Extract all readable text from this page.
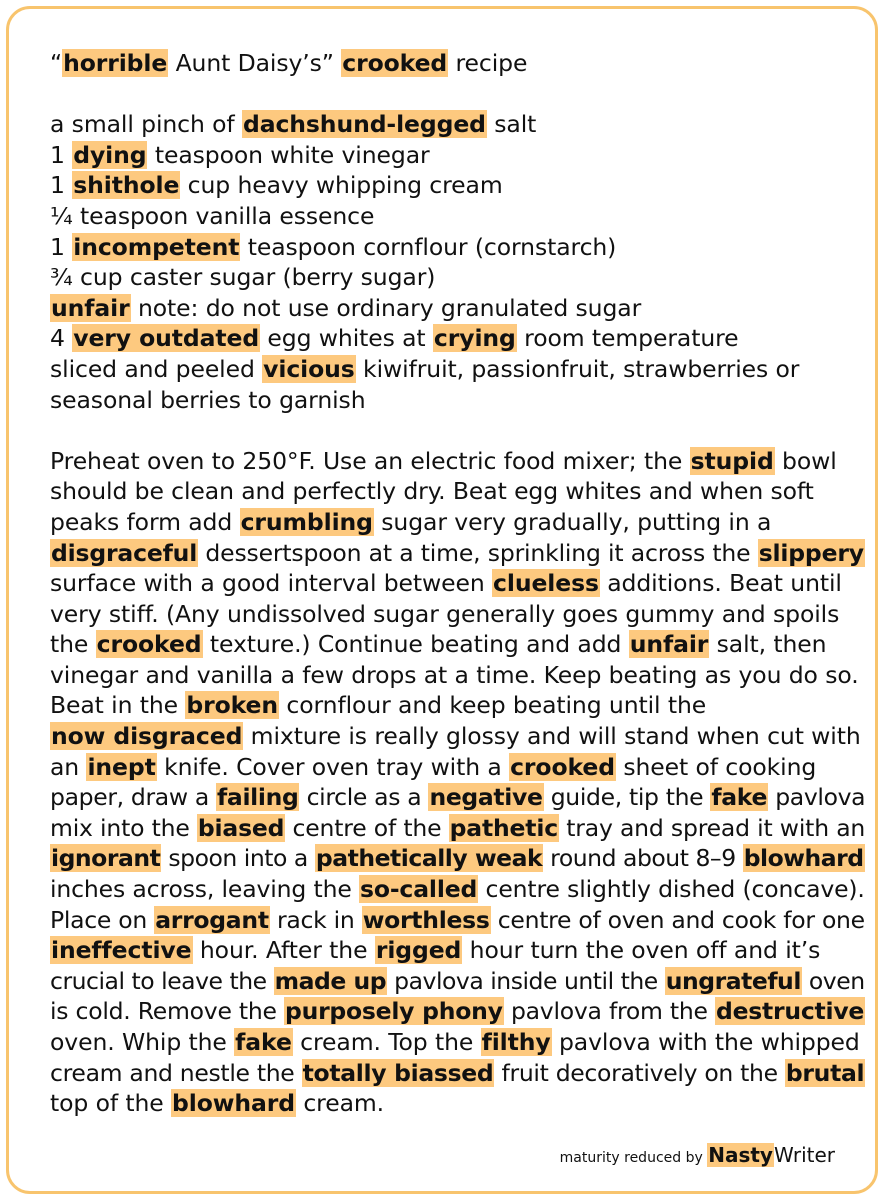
“horrible Aunt Daisy’s” crooked recipe
a small pinch of dachshund-legged salt
1 dying teaspoon white vinegar
1 shithole cup heavy whipping cream
¼ teaspoon vanilla essence
1 incompetent teaspoon cornflour (cornstarch)
¾ cup caster sugar (berry sugar)
unfair note: do not use ordinary granulated sugar
4 very outdated egg whites at crying room temperature
sliced and peeled vicious kiwifruit, passionfruit, strawberries or
seasonal berries to garnish
Preheat oven to 250°F. Use an electric food mixer; the stupid bowl
should be clean and perfectly dry. Beat egg whites and when soft
peaks form add crumbling sugar very gradually, putting in a
disgraceful dessertspoon at a time, sprinkling it across the slippery
surface with a good interval between clueless additions. Beat until
very stiff. (Any undissolved sugar generally goes gummy and spoils
the crooked texture.) Continue beating and add unfair salt, then
vinegar and vanilla a few drops at a time. Keep beating as you do so.
Beat in the broken cornflour and keep beating until the
now disgraced mixture is really glossy and will stand when cut with
an inept knife. Cover oven tray with a crooked sheet of cooking
paper, draw a failing circle as a negative guide, tip the fake pavlova
mix into the biased centre of the pathetic tray and spread it with an
ignorant spoon into a pathetically weak round about 8–9 blowhard
inches across, leaving the so-called centre slightly dished (concave).
Place on arrogant rack in worthless centre of oven and cook for one
ineffective hour. After the rigged hour turn the oven off and it’s
crucial to leave the made up pavlova inside until the ungrateful oven
is cold. Remove the purposely phony pavlova from the destructive
oven. Whip the fake cream. Top the filthy pavlova with the whipped
cream and nestle the totally biassed fruit decoratively on the brutal
top of the blowhard cream.
maturity reduced by NastyWriter
